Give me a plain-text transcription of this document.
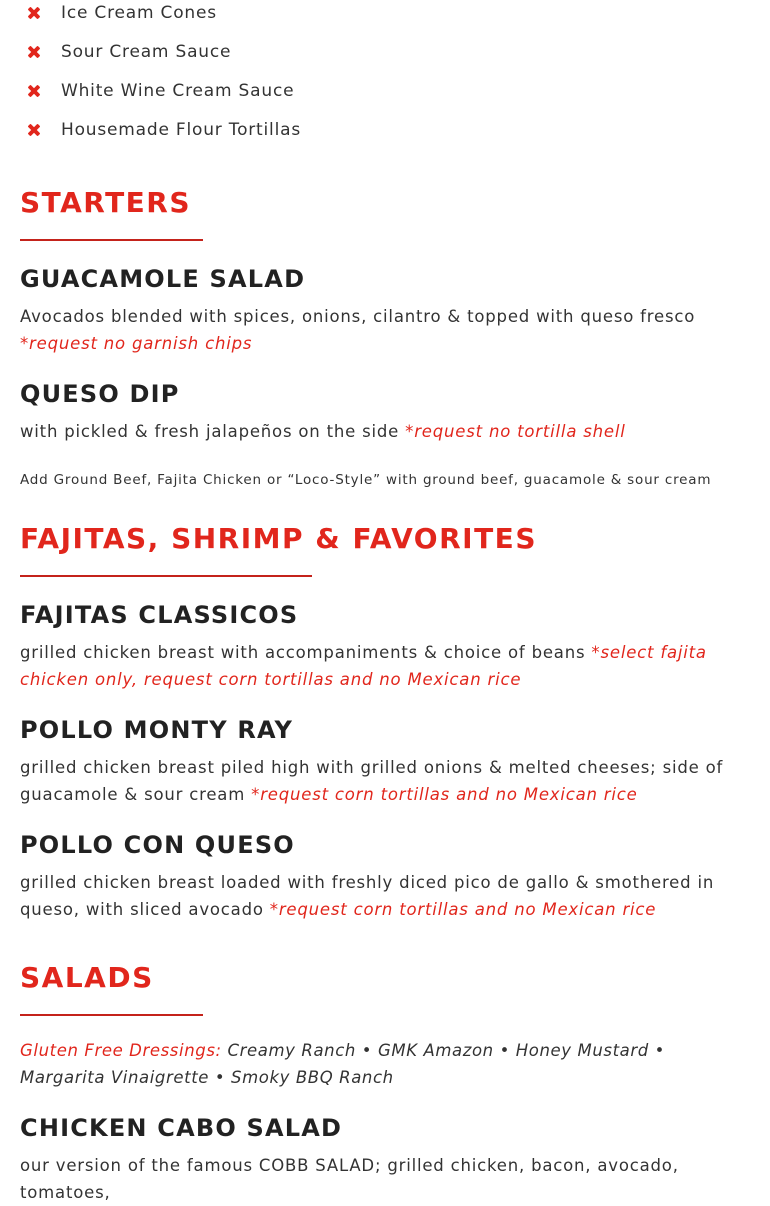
Ice Cream Cones
Sour Cream Sauce
White Wine Cream Sauce
Housemade Flour Tortillas
STARTERS
GUACAMOLE SALAD

Avocados blended with spices, onions, cilantro & topped with queso fresco *request no garnish chips

QUESO DIP

with pickled & fresh jalapeños on the side *request no tortilla shell

Add Ground Beef, Fajita Chicken or “Loco-Style” with ground beef, guacamole & sour cream

FAJITAS, SHRIMP & FAVORITES
FAJITAS CLASSICOS

grilled chicken breast with accompaniments & choice of beans *select fajita chicken only, request corn tortillas and no Mexican rice

POLLO MONTY RAY

grilled chicken breast piled high with grilled onions & melted cheeses; side of guacamole & sour cream *request corn tortillas and no Mexican rice

POLLO CON QUESO

grilled chicken breast loaded with freshly diced pico de gallo & smothered in queso, with sliced avocado *request corn tortillas and no Mexican rice

SALADS

Gluten Free Dressings: Creamy Ranch • GMK Amazon • Honey Mustard • Margarita Vinaigrette • Smoky BBQ Ranch

CHICKEN CABO SALAD

our version of the famous COBB SALAD; grilled chicken, bacon, avocado, tomatoes,
